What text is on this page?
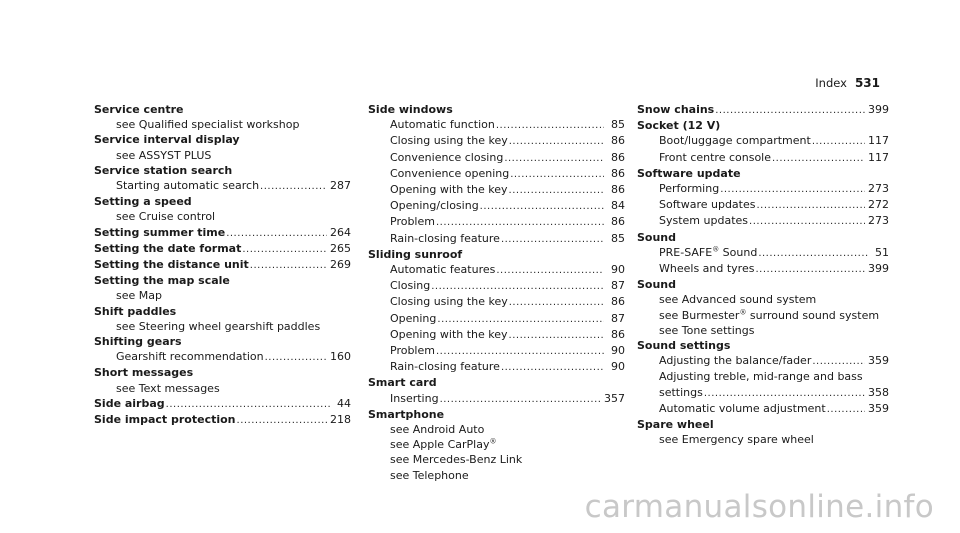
Index 531
Service centre
see Qualified specialist workshop
Service interval display
see ASSYST PLUS
Service station search
Starting automatic search .....	287
Setting a speed
see Cruise control
Setting summer time .....	264
Setting the date format .....	265
Setting the distance unit .....	269
Setting the map scale
see Map
Shift paddles
see Steering wheel gearshift paddles
Shifting gears
Gearshift recommendation .....	160
Short messages
see Text messages
Side airbag .....	44
Side impact protection .....	218
Side windows
Automatic function .....	85
Closing using the key .....	86
Convenience closing .....	86
Convenience opening .....	86
Opening with the key .....	86
Opening/closing .....	84
Problem .....	86
Rain-closing feature .....	85
Sliding sunroof
Automatic features .....	90
Closing .....	87
Closing using the key .....	86
Opening .....	87
Opening with the key .....	86
Problem .....	90
Rain-closing feature .....	90
Smart card
Inserting .....	357
Smartphone
see Android Auto
see Apple CarPlay®
see Mercedes-Benz Link
see Telephone
Snow chains .....	399
Socket (12 V)
Boot/luggage compartment .....	117
Front centre console .....	117
Software update
Performing .....	273
Software updates .....	272
System updates .....	273
Sound
PRE-SAFE® Sound .....	51
Wheels and tyres .....	399
Sound
see Advanced sound system
see Burmester® surround sound system
see Tone settings
Sound settings
Adjusting the balance/fader .....	359
Adjusting treble, mid-range and bass
settings .....	358
Automatic volume adjustment .....	359
Spare wheel
see Emergency spare wheel
carmanualsonline.info
